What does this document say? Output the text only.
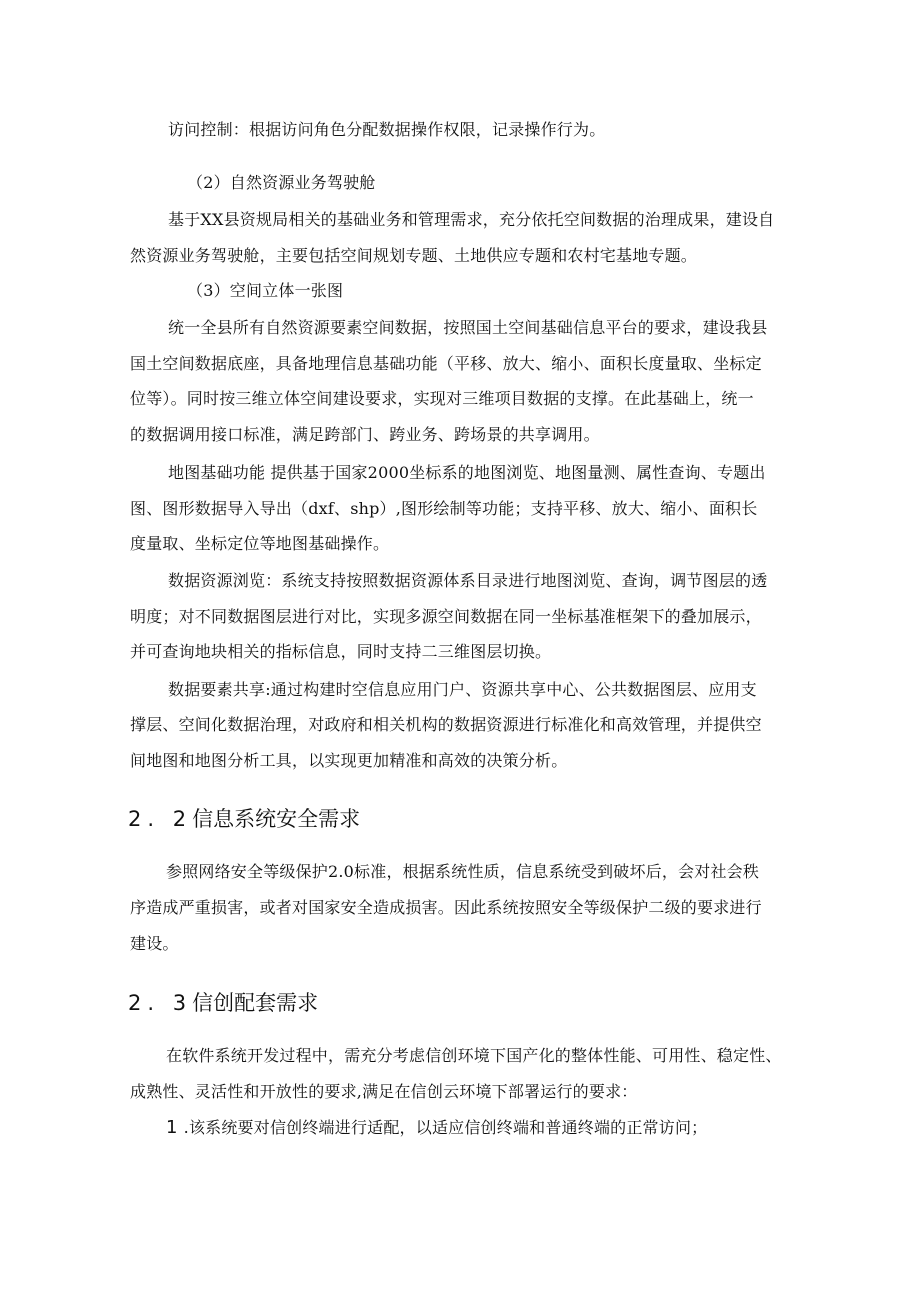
访问控制：根据访问角色分配数据操作权限，记录操作行为。
（2）自然资源业务驾驶舱
基于XX县资规局相关的基础业务和管理需求，充分依托空间数据的治理成果，建设自
然资源业务驾驶舱，主要包括空间规划专题、土地供应专题和农村宅基地专题。
（3）空间立体一张图
统一全县所有自然资源要素空间数据，按照国土空间基础信息平台的要求，建设我县
国土空间数据底座，具备地理信息基础功能（平移、放大、缩小、面积长度量取、坐标定
位等）。同时按三维立体空间建设要求，实现对三维项目数据的支撑。在此基础上，统一
的数据调用接口标准，满足跨部门、跨业务、跨场景的共享调用。
地图基础功能 提供基于国家2000坐标系的地图浏览、地图量测、属性查询、专题出
图、图形数据导入导出（dxf、shp）,图形绘制等功能；支持平移、放大、缩小、面积长
度量取、坐标定位等地图基础操作。
数据资源浏览：系统支持按照数据资源体系目录进行地图浏览、查询，调节图层的透
明度；对不同数据图层进行对比，实现多源空间数据在同一坐标基准框架下的叠加展示，
并可查询地块相关的指标信息，同时支持二三维图层切换。
数据要素共享:通过构建时空信息应用门户、资源共享中心、公共数据图层、应用支
撑层、空间化数据治理，对政府和相关机构的数据资源进行标准化和高效管理，并提供空
间地图和地图分析工具，以实现更加精准和高效的决策分析。
2. 2信息系统安全需求
参照网络安全等级保护2.0标准，根据系统性质，信息系统受到破坏后，会对社会秩
序造成严重损害，或者对国家安全造成损害。因此系统按照安全等级保护二级的要求进行
建设。
2. 3信创配套需求
在软件系统开发过程中，需充分考虑信创环境下国产化的整体性能、可用性、稳定性、
成熟性、灵活性和开放性的要求,满足在信创云环境下部署运行的要求：
1 .该系统要对信创终端进行适配，以适应信创终端和普通终端的正常访问；
